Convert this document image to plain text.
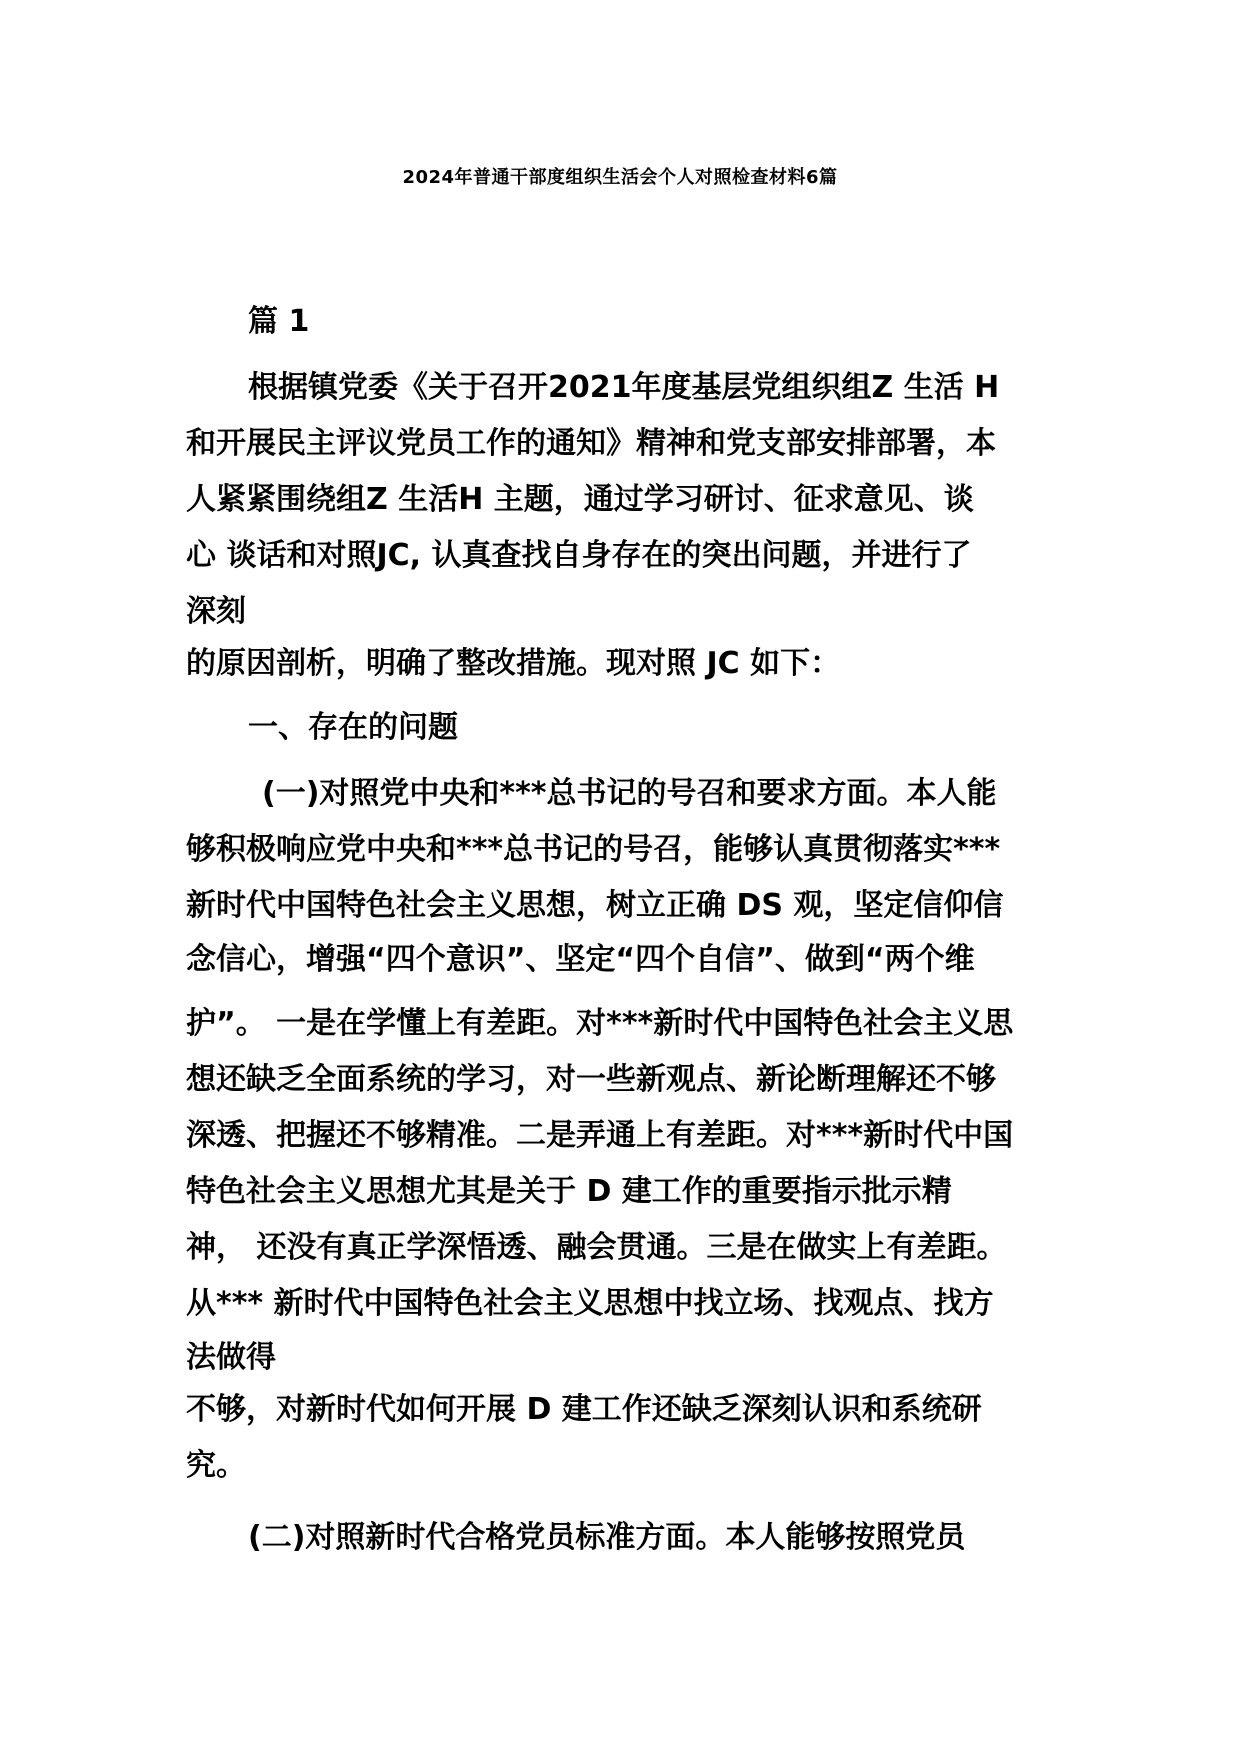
2024年普通干部度组织生活会个人对照检查材料6篇
篇 1
根据镇党委《关于召开2021年度基层党组织组Z 生活 H
和开展民主评议党员工作的通知》精神和党支部安排部署，本
人紧紧围绕组Z 生活H 主题，通过学习研讨、征求意见、谈
心 谈话和对照JC, 认真查找自身存在的突出问题，并进行了
深刻
的原因剖析，明确了整改措施。现对照 JC 如下：
一、存在的问题
(一)对照党中央和***总书记的号召和要求方面。本人能
够积极响应党中央和***总书记的号召，能够认真贯彻落实***
新时代中国特色社会主义思想，树立正确 DS 观，坚定信仰信
念信心，增强“四个意识”、坚定“四个自信”、做到“两个维
护”。 一是在学懂上有差距。对***新时代中国特色社会主义思
想还缺乏全面系统的学习，对一些新观点、新论断理解还不够
深透、把握还不够精准。二是弄通上有差距。对***新时代中国
特色社会主义思想尤其是关于 D 建工作的重要指示批示精
神， 还没有真正学深悟透、融会贯通。三是在做实上有差距。
从*** 新时代中国特色社会主义思想中找立场、找观点、找方
法做得
不够，对新时代如何开展 D 建工作还缺乏深刻认识和系统研
究。
(二)对照新时代合格党员标准方面。本人能够按照党员
